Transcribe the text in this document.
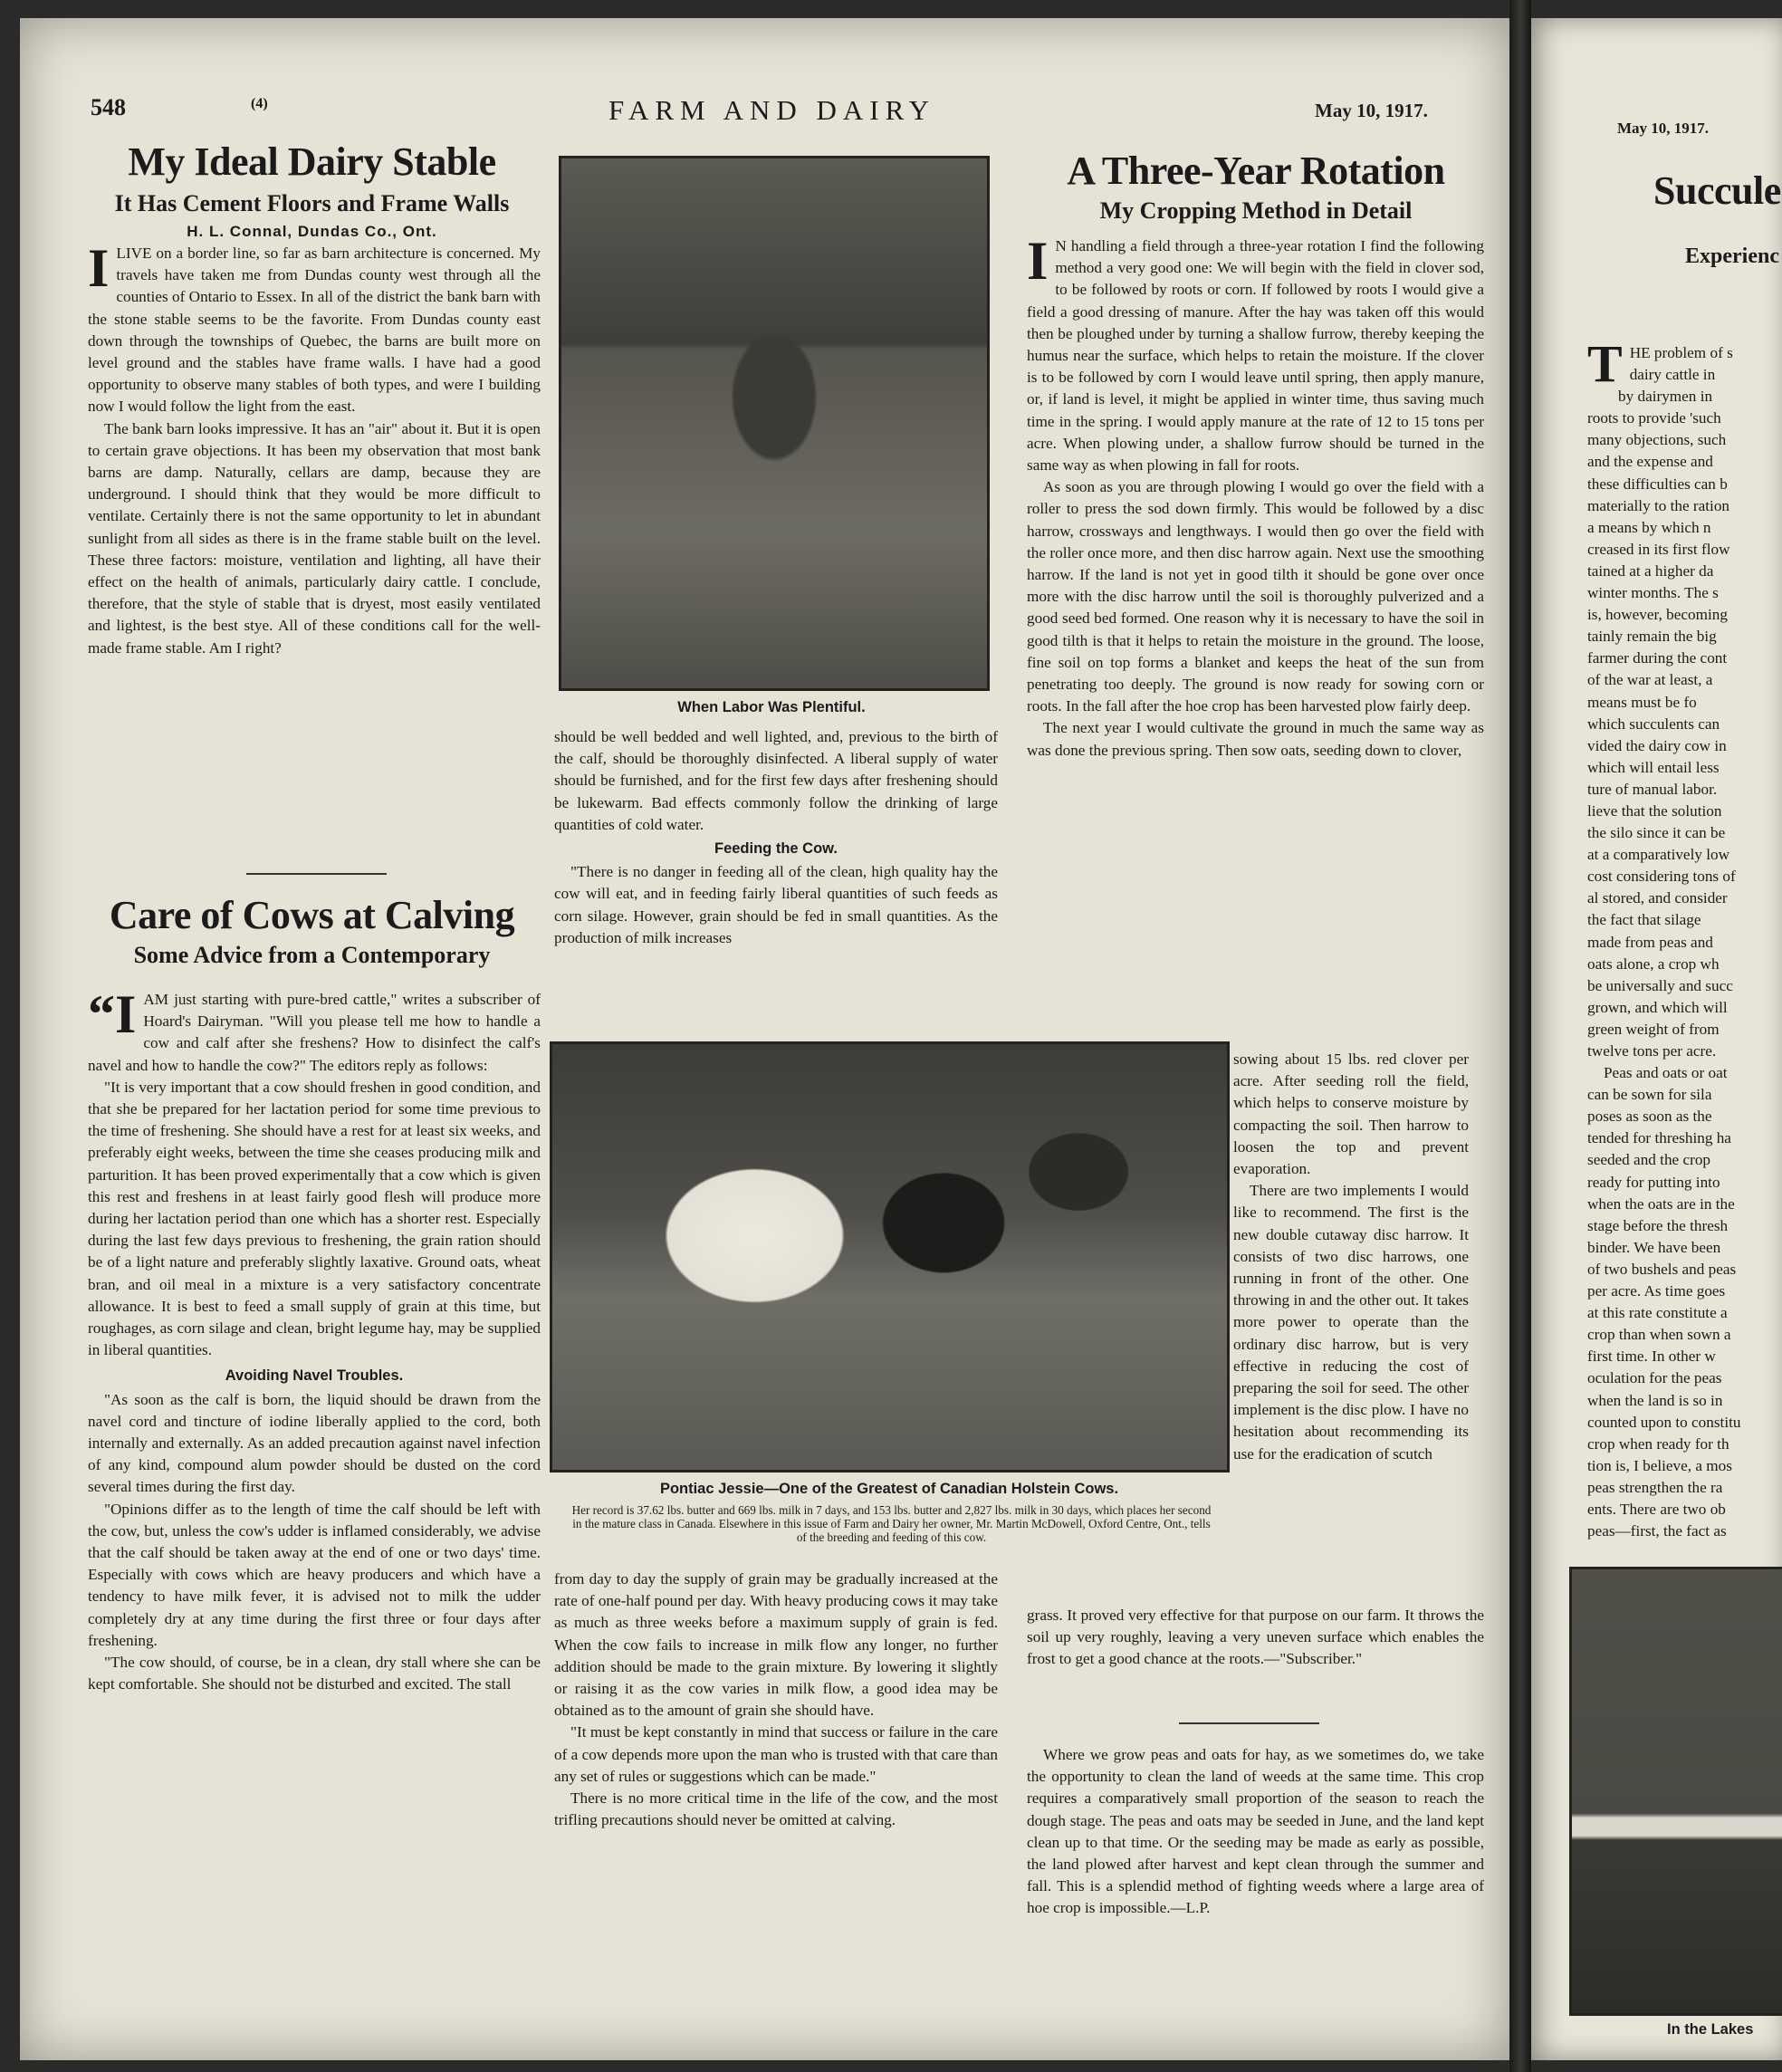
548	(4)	FARM AND DAIRY	May 10, 1917.
My Ideal Dairy Stable
It Has Cement Floors and Frame Walls
H. L. Connal, Dundas Co., Ont.
I LIVE on a border line, so far as barn architecture is concerned. My travels have taken me from Dundas county west through all the counties of Ontario to Essex. In all of the district the bank barn with the stone stable seems to be the favorite. From Dundas county east down through the townships of Quebec, the barns are built more on level ground and the stables have frame walls. I have had a good opportunity to observe many stables of both types, and were I building now I would follow the light from the east.

The bank barn looks impressive. It has an "air" about it. But it is open to certain grave objections. It has been my observation that most bank barns are damp. Naturally, cellars are damp, because they are underground. I should think that they would be more difficult to ventilate. Certainly there is not the same opportunity to let in abundant sunlight from all sides as there is in the frame stable built on the level. These three factors: moisture, ventilation and lighting, all have their effect on the health of animals, particularly dairy cattle. I conclude, therefore, that the style of stable that is dryest, most easily ventilated and lightest, is the best stye. All of these conditions call for the well-made frame stable. Am I right?

Care of Cows at Calving
Some Advice from a Contemporary
“I AM just starting with pure-bred cattle," writes a subscriber of Hoard's Dairyman. "Will you please tell me how to handle a cow and calf after she freshens? How to disinfect the calf's navel and how to handle the cow?" The editors reply as follows:

"It is very important that a cow should freshen in good condition, and that she be prepared for her lactation period for some time previous to the time of freshening. She should have a rest for at least six weeks, and preferably eight weeks, between the time she ceases producing milk and parturition. It has been proved experimentally that a cow which is given this rest and freshens in at least fairly good flesh will produce more during her lactation period than one which has a shorter rest. Especially during the last few days previous to freshening, the grain ration should be of a light nature and preferably slightly laxative. Ground oats, wheat bran, and oil meal in a mixture is a very satisfactory concentrate allowance. It is best to feed a small supply of grain at this time, but roughages, as corn silage and clean, bright legume hay, may be supplied in liberal quantities.

Avoiding Navel Troubles.

"As soon as the calf is born, the liquid should be drawn from the navel cord and tincture of iodine liberally applied to the cord, both internally and externally. As an added precaution against navel infection of any kind, compound alum powder should be dusted on the cord several times during the first day.

"Opinions differ as to the length of time the calf should be left with the cow, but, unless the cow's udder is inflamed considerably, we advise that the calf should be taken away at the end of one or two days' time. Especially with cows which are heavy producers and which have a tendency to have milk fever, it is advised not to milk the udder completely dry at any time during the first three or four days after freshening.

"The cow should, of course, be in a clean, dry stall where she can be kept comfortable. She should not be disturbed and excited. The stall

When Labor Was Plentiful.

should be well bedded and well lighted, and, previous to the birth of the calf, should be thoroughly disinfected. A liberal supply of water should be furnished, and for the first few days after freshening should be lukewarm. Bad effects commonly follow the drinking of large quantities of cold water.

Feeding the Cow.

"There is no danger in feeding all of the clean, high quality hay the cow will eat, and in feeding fairly liberal quantities of such feeds as corn silage. However, grain should be fed in small quantities. As the production of milk increases

Pontiac Jessie—One of the Greatest of Canadian Holstein Cows.
Her record is 37.62 lbs. butter and 669 lbs. milk in 7 days, and 153 lbs. butter and 2,827 lbs. milk in 30 days, which places her second in the mature class in Canada. Elsewhere in this issue of Farm and Dairy her owner, Mr. Martin McDowell, Oxford Centre, Ont., tells of the breeding and feeding of this cow.

from day to day the supply of grain may be gradually increased at the rate of one-half pound per day. With heavy producing cows it may take as much as three weeks before a maximum supply of grain is fed. When the cow fails to increase in milk flow any longer, no further addition should be made to the grain mixture. By lowering it slightly or raising it as the cow varies in milk flow, a good idea may be obtained as to the amount of grain she should have.

"It must be kept constantly in mind that success or failure in the care of a cow depends more upon the man who is trusted with that care than any set of rules or suggestions which can be made."

There is no more critical time in the life of the cow, and the most trifling precautions should never be omitted at calving.

A Three-Year Rotation
My Cropping Method in Detail
I N handling a field through a three-year rotation I find the following method a very good one: We will begin with the field in clover sod, to be followed by roots or corn. If followed by roots I would give a field a good dressing of manure. After the hay was taken off this would then be ploughed under by turning a shallow furrow, thereby keeping the humus near the surface, which helps to retain the moisture. If the clover is to be followed by corn I would leave until spring, then apply manure, or, if land is level, it might be applied in winter time, thus saving much time in the spring. I would apply manure at the rate of 12 to 15 tons per acre. When plowing under, a shallow furrow should be turned in the same way as when plowing in fall for roots.

As soon as you are through plowing I would go over the field with a roller to press the sod down firmly. This would be followed by a disc harrow, crossways and lengthways. I would then go over the field with the roller once more, and then disc harrow again. Next use the smoothing harrow. If the land is not yet in good tilth it should be gone over once more with the disc harrow until the soil is thoroughly pulverized and a good seed bed formed. One reason why it is necessary to have the soil in good tilth is that it helps to retain the moisture in the ground. The loose, fine soil on top forms a blanket and keeps the heat of the sun from penetrating too deeply. The ground is now ready for sowing corn or roots. In the fall after the hoe crop has been harvested plow fairly deep.

The next year I would cultivate the ground in much the same way as was done the previous spring. Then sow oats, seeding down to clover,

sowing about 15 lbs. red clover per acre. After seeding roll the field, which helps to conserve moisture by compacting the soil. Then harrow to loosen the top and prevent evaporation.

There are two implements I would like to recommend. The first is the new double cutaway disc harrow. It consists of two disc harrows, one running in front of the other. One throwing in and the other out. It takes more power to operate than the ordinary disc harrow, but is very effective in reducing the cost of preparing the soil for seed. The other implement is the disc plow. I have no hesitation about recommending its use for the eradication of scutch

grass. It proved very effective for that purpose on our farm. It throws the soil up very roughly, leaving a very uneven surface which enables the frost to get a good chance at the roots.—"Subscriber."

Where we grow peas and oats for hay, as we sometimes do, we take the opportunity to clean the land of weeds at the same time. This crop requires a comparatively small proportion of the season to reach the dough stage. The peas and oats may be seeded in June, and the land kept clean up to that time. Or the seeding may be made as early as possible, the land plowed after harvest and kept clean through the summer and fall. This is a splendid method of fighting weeds where a large area of hoe crop is impossible.—L.P.

May 10, 1917.
Succule
Experienc
T HE problem of s
dairy cattle in
by dairymen in
roots to provide 'such
many objections, such
and the expense and
these difficulties can b
materially to the ration
a means by which n
creased in its first flow
tained at a higher da
winter months. The s
is, however, becoming
tainly remain the big
farmer during the cont
of the war at least, a
means must be fo
which succulents can
vided the dairy cow in
which will entail less
ture of manual labor.
lieve that the solution
the silo since it can be
at a comparatively low
cost considering tons of
al stored, and consider
the fact that silage
made from peas and
oats alone, a crop wh
be universally and succ
grown, and which will
green weight of from
twelve tons per acre.
Peas and oats or oat
can be sown for sila
poses as soon as the
tended for threshing ha
seeded and the crop
ready for putting into
when the oats are in the
stage before the thresh
binder. We have been
of two bushels and peas
per acre. As time goes
at this rate constitute a
crop than when sown a
first time. In other w
oculation for the peas
when the land is so in
counted upon to constitu
crop when ready for th
tion is, I believe, a mos
peas strengthen the ra
ents. There are two ob
peas—first, the fact as
In the Lakes
